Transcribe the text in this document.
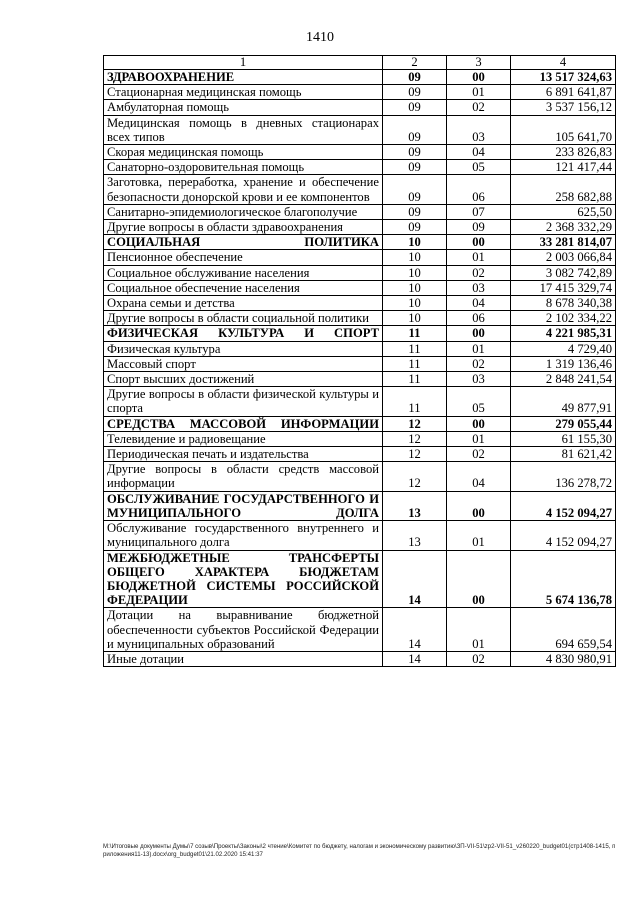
1410
1	2	3	4
ЗДРАВООХРАНЕНИЕ	09	00	13 517 324,63
Стационарная медицинская помощь	09	01	6 891 641,87
Амбулаторная помощь	09	02	3 537 156,12
Медицинская помощь в дневных стационарах всех типов	09	03	105 641,70
Скорая медицинская помощь	09	04	233 826,83
Санаторно-оздоровительная помощь	09	05	121 417,44
Заготовка, переработка, хранение и обеспечение безопасности донорской крови и ее компонентов	09	06	258 682,88
Санитарно-эпидемиологическое благополучие	09	07	625,50
Другие вопросы в области здравоохранения	09	09	2 368 332,29
СОЦИАЛЬНАЯ ПОЛИТИКА	10	00	33 281 814,07
Пенсионное обеспечение	10	01	2 003 066,84
Социальное обслуживание населения	10	02	3 082 742,89
Социальное обеспечение населения	10	03	17 415 329,74
Охрана семьи и детства	10	04	8 678 340,38
Другие вопросы в области социальной политики	10	06	2 102 334,22
ФИЗИЧЕСКАЯ КУЛЬТУРА И СПОРТ	11	00	4 221 985,31
Физическая культура	11	01	4 729,40
Массовый спорт	11	02	1 319 136,46
Спорт высших достижений	11	03	2 848 241,54
Другие вопросы в области физической культуры и спорта	11	05	49 877,91
СРЕДСТВА МАССОВОЙ ИНФОРМАЦИИ	12	00	279 055,44
Телевидение и радиовещание	12	01	61 155,30
Периодическая печать и издательства	12	02	81 621,42
Другие вопросы в области средств массовой информации	12	04	136 278,72
ОБСЛУЖИВАНИЕ ГОСУДАРСТВЕННОГО И МУНИЦИПАЛЬНОГО ДОЛГА	13	00	4 152 094,27
Обслуживание государственного внутреннего и муниципального долга	13	01	4 152 094,27
МЕЖБЮДЖЕТНЫЕ ТРАНСФЕРТЫ ОБЩЕГО ХАРАКТЕРА БЮДЖЕТАМ БЮДЖЕТНОЙ СИСТЕМЫ РОССИЙСКОЙ ФЕДЕРАЦИИ	14	00	5 674 136,78
Дотации на выравнивание бюджетной обеспеченности субъектов Российской Федерации и муниципальных образований	14	01	694 659,54
Иные дотации	14	02	4 830 980,91
M:\Итоговые документы Думы\7 созыв\Проекты\Законы\2 чтение\Комитет по бюджету, налогам и экономическому развитию\ЗП-VII-51\zp2-VII-51_v260220_budget01(стр1408-1415, приложения11-13).docx\org_budget01\21.02.2020 15:41:37
